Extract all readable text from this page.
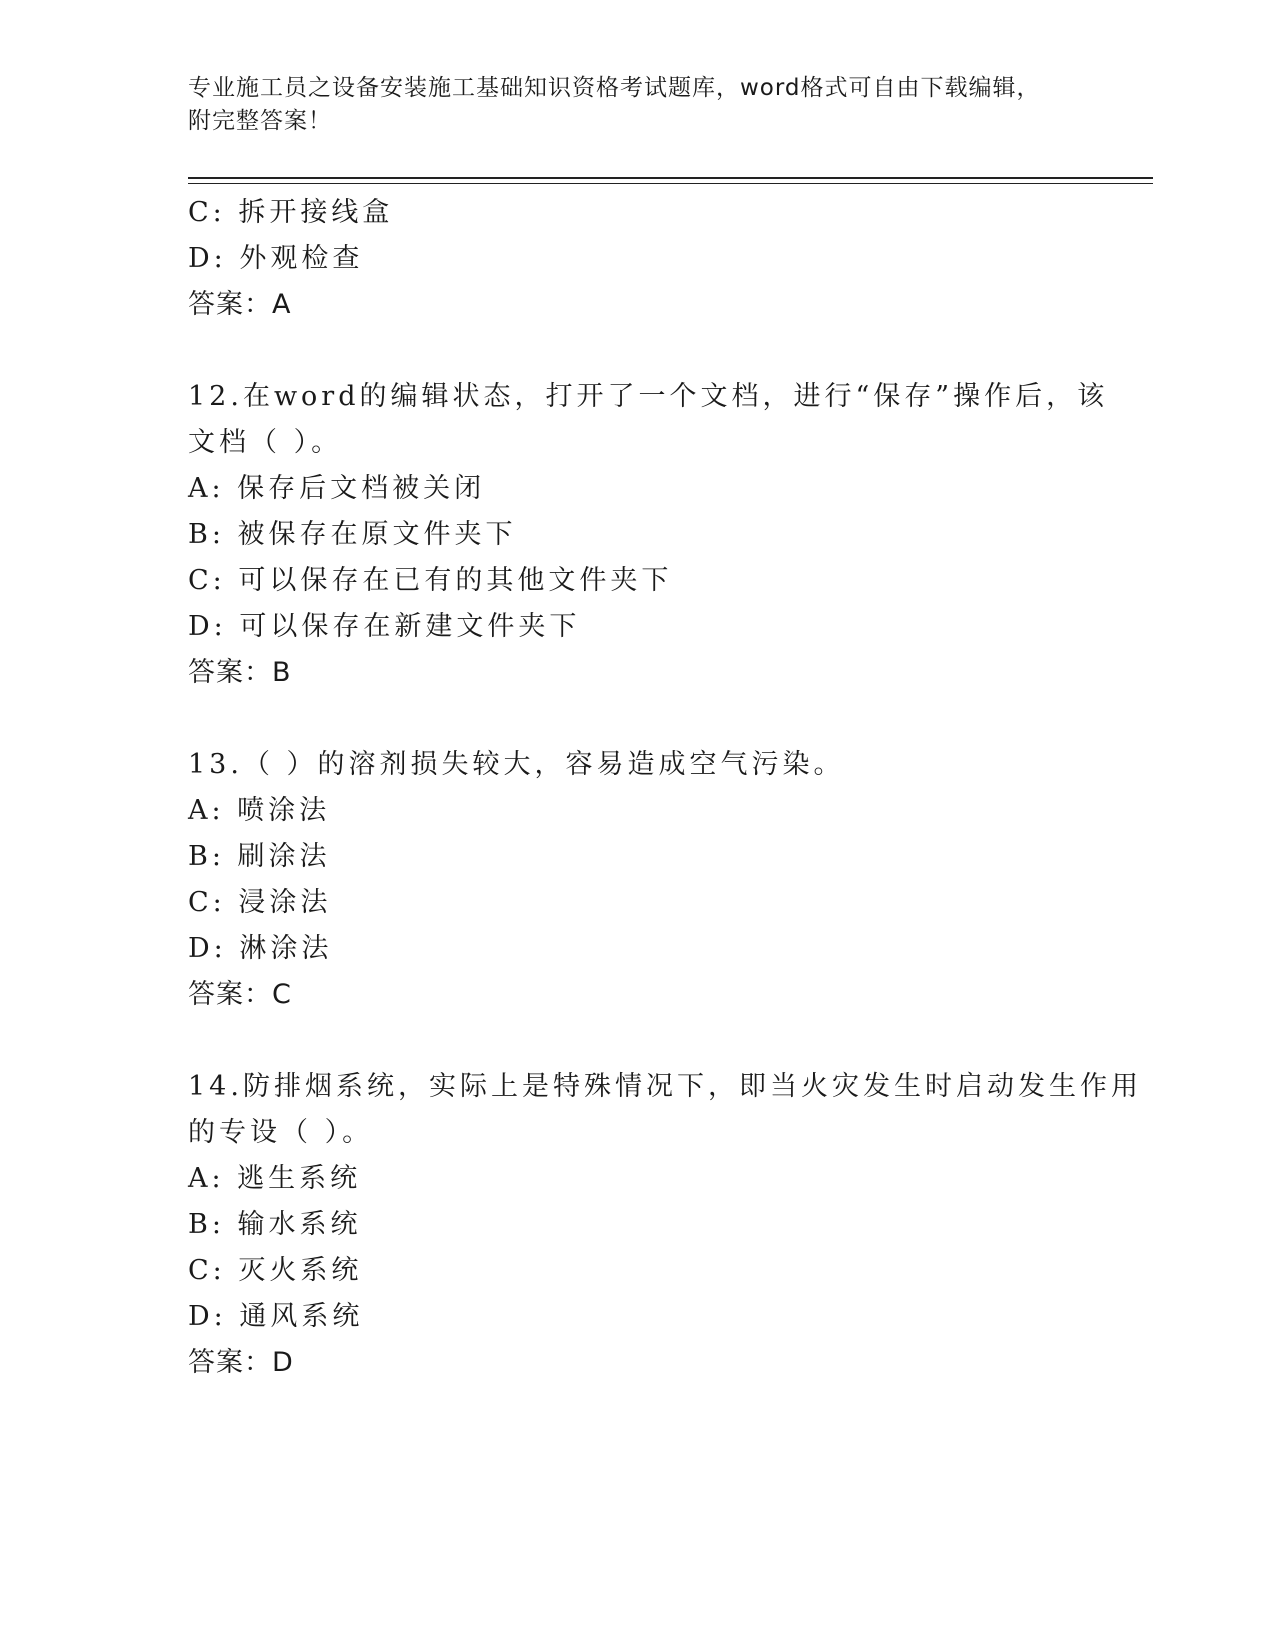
专业施工员之设备安装施工基础知识资格考试题库，word格式可自由下载编辑，
附完整答案！
C: 拆开接线盒
D: 外观检查
答案：A
12.在word的编辑状态，打开了一个文档，进行“保存”操作后，该
文档（ ）。
A: 保存后文档被关闭
B: 被保存在原文件夹下
C: 可以保存在已有的其他文件夹下
D: 可以保存在新建文件夹下
答案：B
13.（ ）的溶剂损失较大，容易造成空气污染。
A: 喷涂法
B: 刷涂法
C: 浸涂法
D: 淋涂法
答案：C
14.防排烟系统，实际上是特殊情况下，即当火灾发生时启动发生作用
的专设（ ）。
A: 逃生系统
B: 输水系统
C: 灭火系统
D: 通风系统
答案：D
